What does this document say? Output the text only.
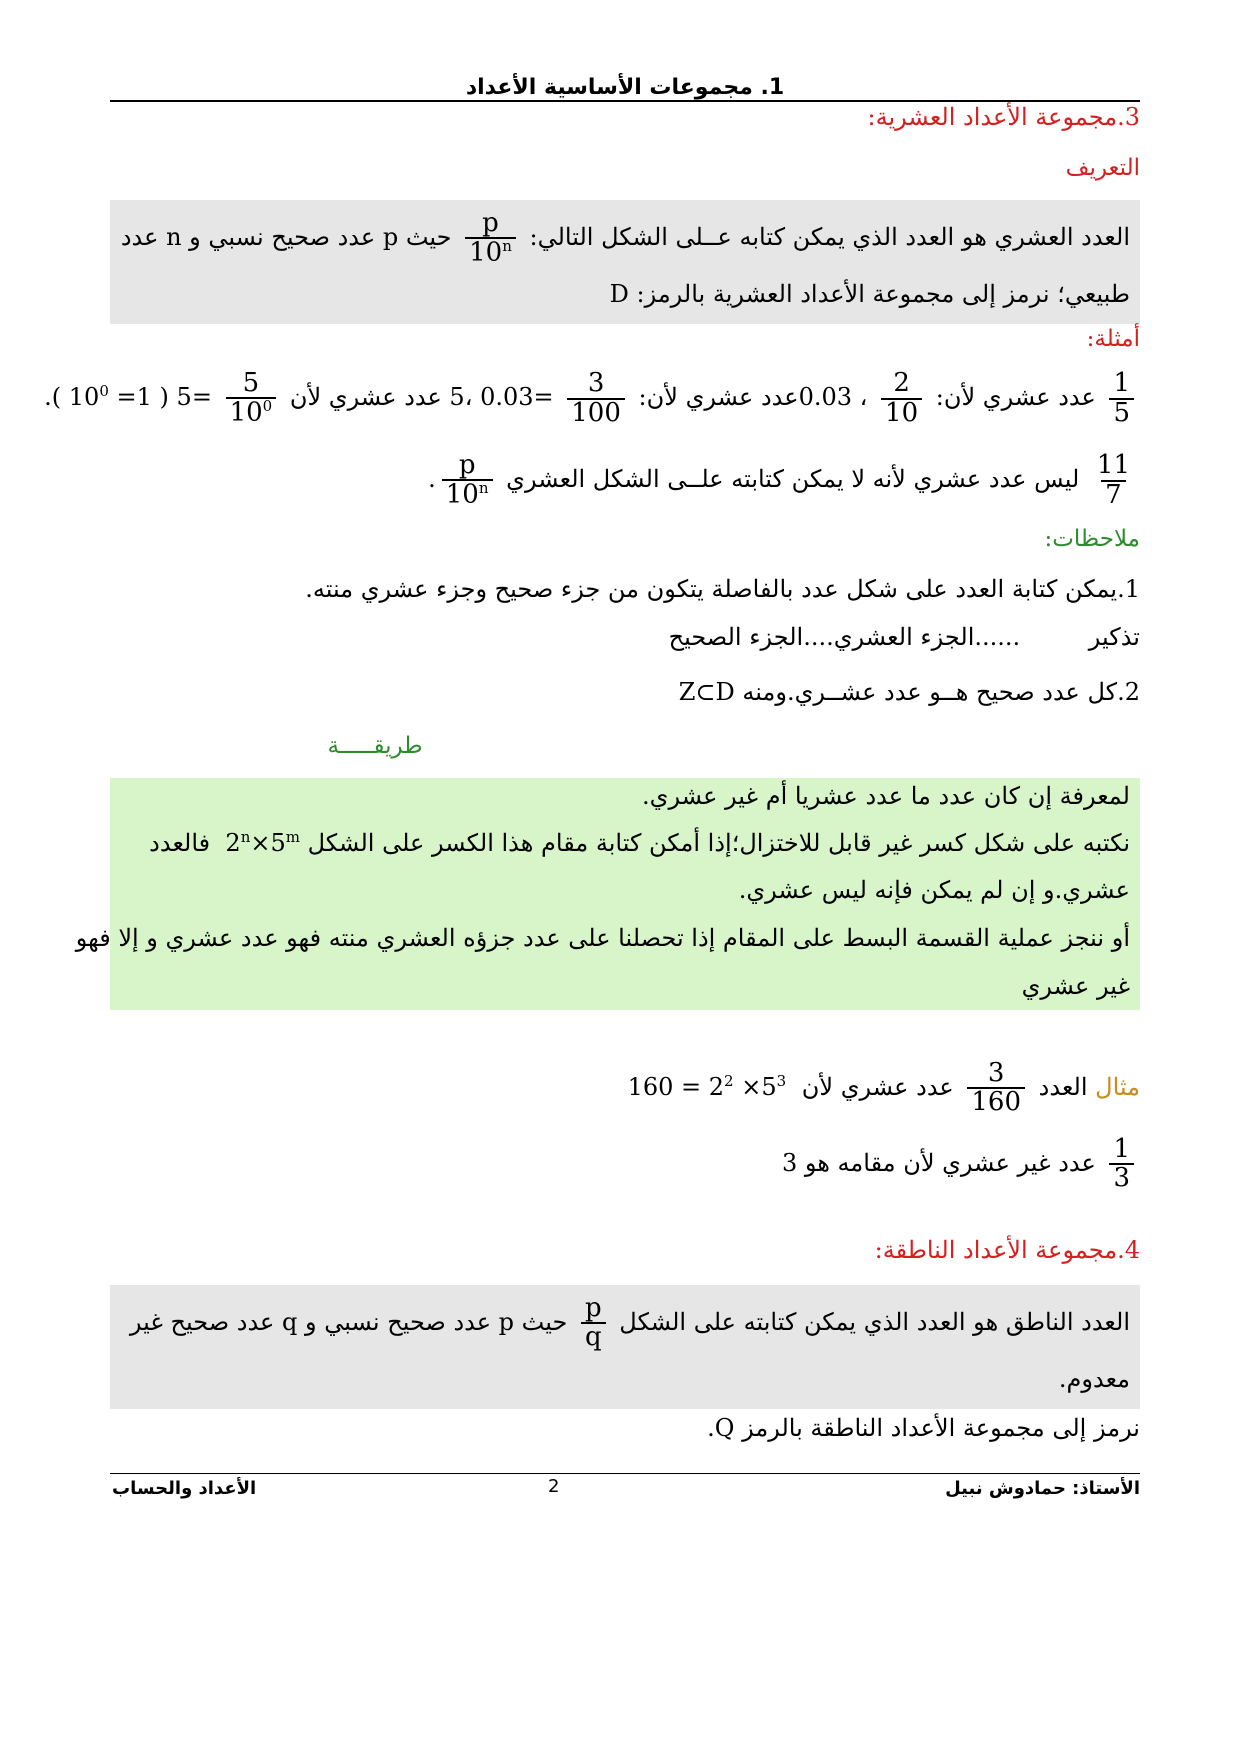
1. مجموعات الأساسية الأعداد
3.مجموعة الأعداد العشرية:
التعريف
العدد العشري هو العدد الذي يمكن كتابه عــلى الشكل التالي:
$\frac{p}{10^n}$
حيث p عدد صحيح نسبي و n عدد
طبيعي؛ نرمز إلى مجموعة الأعداد العشرية بالرمز: D
أمثلة:
$\frac{1}{5}$
عدد عشري لأن:
$\frac{2}{10}$
، 0.03عدد عشري لأن:
$\frac{3}{100}$
=0.03 ،5 عدد عشري لأن
$\frac{5}{10^0}$
=5 ( $10^0 =1$ ).
$\frac{11}{7}$
ليس عدد عشري لأنه لا يمكن كتابته علــى الشكل العشري
$\frac{p}{10^n}$
.
ملاحظات:
1.يمكن كتابة العدد على شكل عدد بالفاصلة يتكون من جزء صحيح وجزء عشري منته.
تذكير         ......الجزء العشري....الجزء الصحيح
2.كل عدد صحيح هــو عدد عشــري.ومنه Z⊂D
طريقـــــة
لمعرفة إن كان عدد ما عدد عشريا أم غير عشري.
نكتبه على شكل كسر غير قابل للاختزال؛إذا أمكن كتابة مقام هذا الكسر على الشكل $2^n\times 5^m$  فالعدد
عشري.و إن لم يمكن فإنه ليس عشري.
أو ننجز عملية القسمة البسط على المقام إذا تحصلنا على عدد جزؤه العشري منته فهو عدد عشري و إلا فهو
غير عشري
مثال العدد
$\frac{3}{160}$
عدد عشري لأن $160 = 2^2 \times 5^3$
$\frac{1}{3}$
عدد غير عشري لأن مقامه هو 3
4.مجموعة الأعداد الناطقة:
العدد الناطق هو العدد الذي يمكن كتابته على الشكل
$\frac{p}{q}$
حيث p عدد صحيح نسبي و q عدد صحيح غير
معدوم.
نرمز إلى مجموعة الأعداد الناطقة بالرمز Q.
الأستاذ: حمادوش نبيل
2
الأعداد والحساب
